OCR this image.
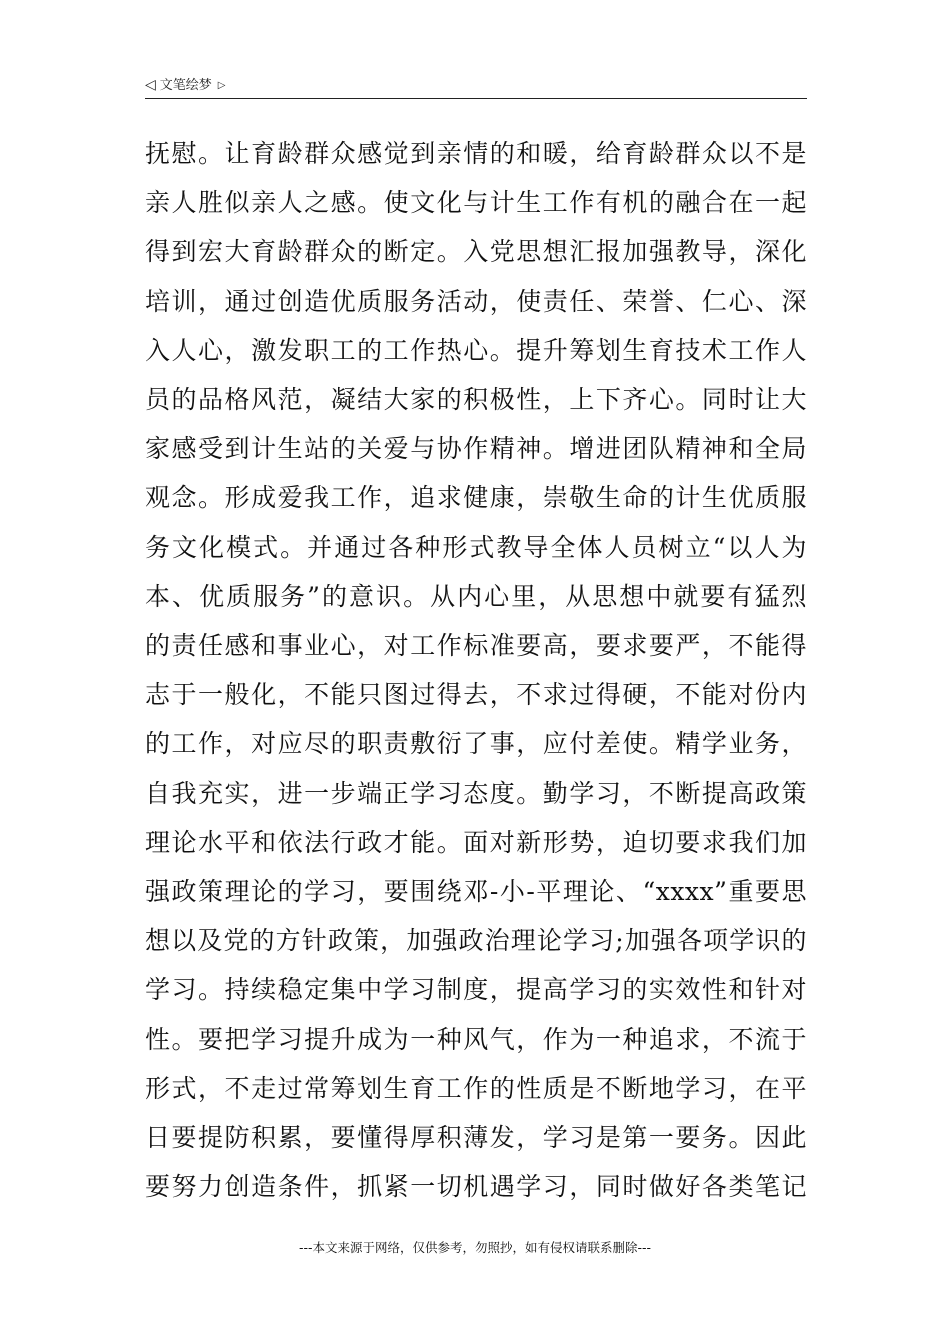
◁ 文笔绘梦 ▷
抚慰。让育龄群众感觉到亲情的和暖，给育龄群众以不是
亲人胜似亲人之感。使文化与计生工作有机的融合在一起
得到宏大育龄群众的断定。入党思想汇报加强教导，深化
培训，通过创造优质服务活动，使责任、荣誉、仁心、深
入人心，激发职工的工作热心。提升筹划生育技术工作人
员的品格风范，凝结大家的积极性，上下齐心。同时让大
家感受到计生站的关爱与协作精神。增进团队精神和全局
观念。形成爱我工作，追求健康，崇敬生命的计生优质服
务文化模式。并通过各种形式教导全体人员树立“以人为
本、优质服务”的意识。从内心里，从思想中就要有猛烈
的责任感和事业心，对工作标准要高，要求要严，不能得
志于一般化，不能只图过得去，不求过得硬，不能对份内
的工作，对应尽的职责敷衍了事，应付差使。精学业务，
自我充实，进一步端正学习态度。勤学习，不断提高政策
理论水平和依法行政才能。面对新形势，迫切要求我们加
强政策理论的学习，要围绕邓-小-平理论、“xxxx”重要思
想以及党的方针政策，加强政治理论学习;加强各项学识的
学习。持续稳定集中学习制度，提高学习的实效性和针对
性。要把学习提升成为一种风气，作为一种追求，不流于
形式，不走过常筹划生育工作的性质是不断地学习，在平
日要提防积累，要懂得厚积薄发，学习是第一要务。因此
要努力创造条件，抓紧一切机遇学习，同时做好各类笔记
---本文来源于网络，仅供参考，勿照抄，如有侵权请联系删除---
